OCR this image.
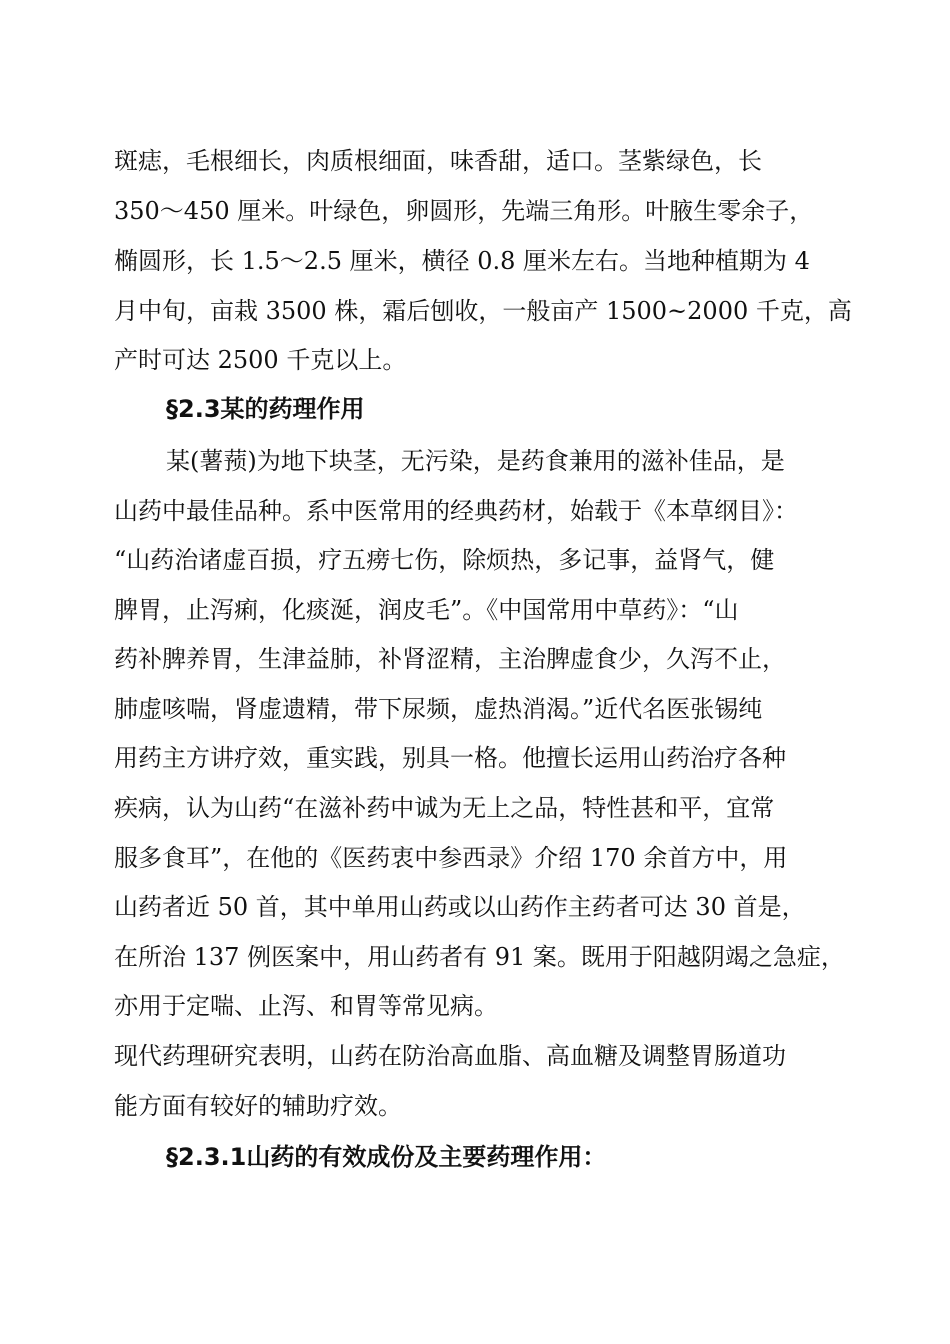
斑痣，毛根细长，肉质根细面，味香甜，适口。茎紫绿色，长

350～450 厘米。叶绿色，卵圆形，先端三角形。叶腋生零余子，

椭圆形，长 1.5～2.5 厘米，横径 0.8 厘米左右。当地种植期为 4

月中旬，亩栽 3500 株，霜后刨收，一般亩产 1500~2000 千克，高

产时可达 2500 千克以上。

§2.3某的药理作用

某(薯蓣)为地下块茎，无污染，是药食兼用的滋补佳品，是

山药中最佳品种。系中医常用的经典药材，始载于《本草纲目》：

“山药治诸虚百损，疗五痨七伤，除烦热，多记事，益肾气，健

脾胃，止泻痢，化痰涎，润皮毛”。《中国常用中草药》：“山

药补脾养胃，生津益肺，补肾涩精，主治脾虚食少，久泻不止，

肺虚咳喘，肾虚遗精，带下尿频，虚热消渴。”近代名医张锡纯

用药主方讲疗效，重实践，别具一格。他擅长运用山药治疗各种

疾病，认为山药“在滋补药中诚为无上之品，特性甚和平，宜常

服多食耳”，在他的《医药衷中参西录》介绍 170 余首方中，用

山药者近 50 首，其中单用山药或以山药作主药者可达 30 首是，

在所治 137 例医案中，用山药者有 91 案。既用于阳越阴竭之急症，

亦用于定喘、止泻、和胃等常见病。

现代药理研究表明，山药在防治高血脂、高血糖及调整胃肠道功

能方面有较好的辅助疗效。

§2.3.1山药的有效成份及主要药理作用：
